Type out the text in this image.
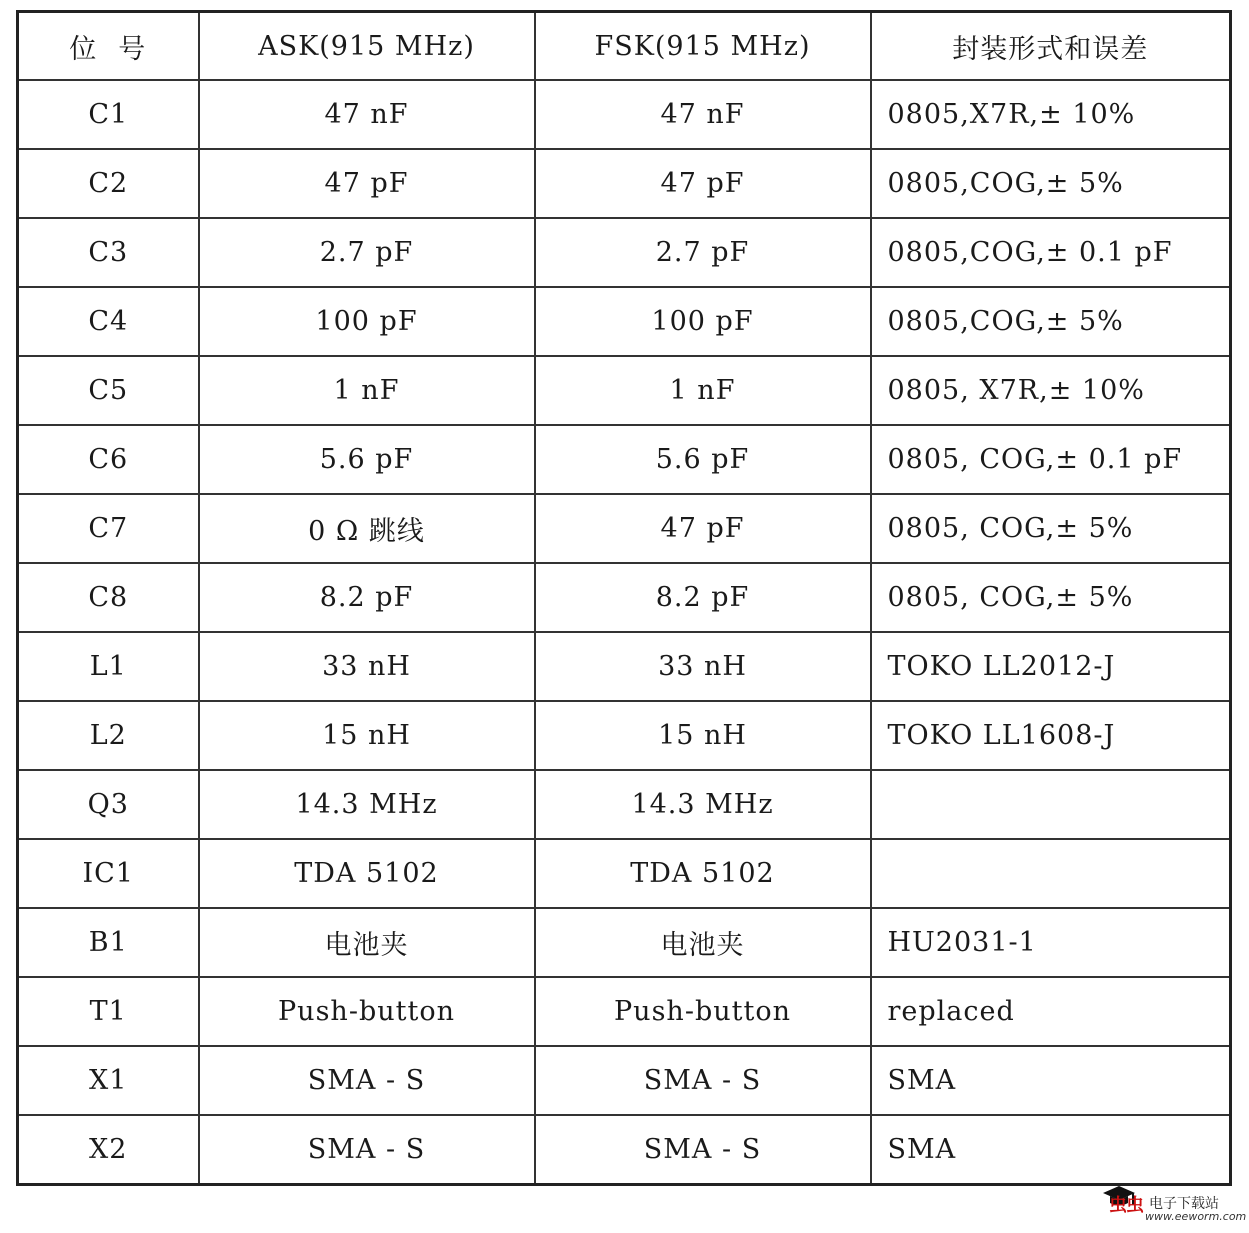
位号	ASK(915 MHz)	FSK(915 MHz)	封装形式和误差
C1	47 nF	47 nF	0805,X7R,± 10%
C2	47 pF	47 pF	0805,COG,± 5%
C3	2.7 pF	2.7 pF	0805,COG,± 0.1 pF
C4	100 pF	100 pF	0805,COG,± 5%
C5	1 nF	1 nF	0805, X7R,± 10%
C6	5.6 pF	5.6 pF	0805, COG,± 0.1 pF
C7	0 Ω 跳线	47 pF	0805, COG,± 5%
C8	8.2 pF	8.2 pF	0805, COG,± 5%
L1	33 nH	33 nH	TOKO LL2012-J
L2	15 nH	15 nH	TOKO LL1608-J
Q3	14.3 MHz	14.3 MHz	
IC1	TDA 5102	TDA 5102	
B1	电池夹	电池夹	HU2031-1
T1	Push-button	Push-button	replaced
X1	SMA - S	SMA - S	SMA
X2	SMA - S	SMA - S	SMA
虫虫 电子下载站
www.eeworm.com
